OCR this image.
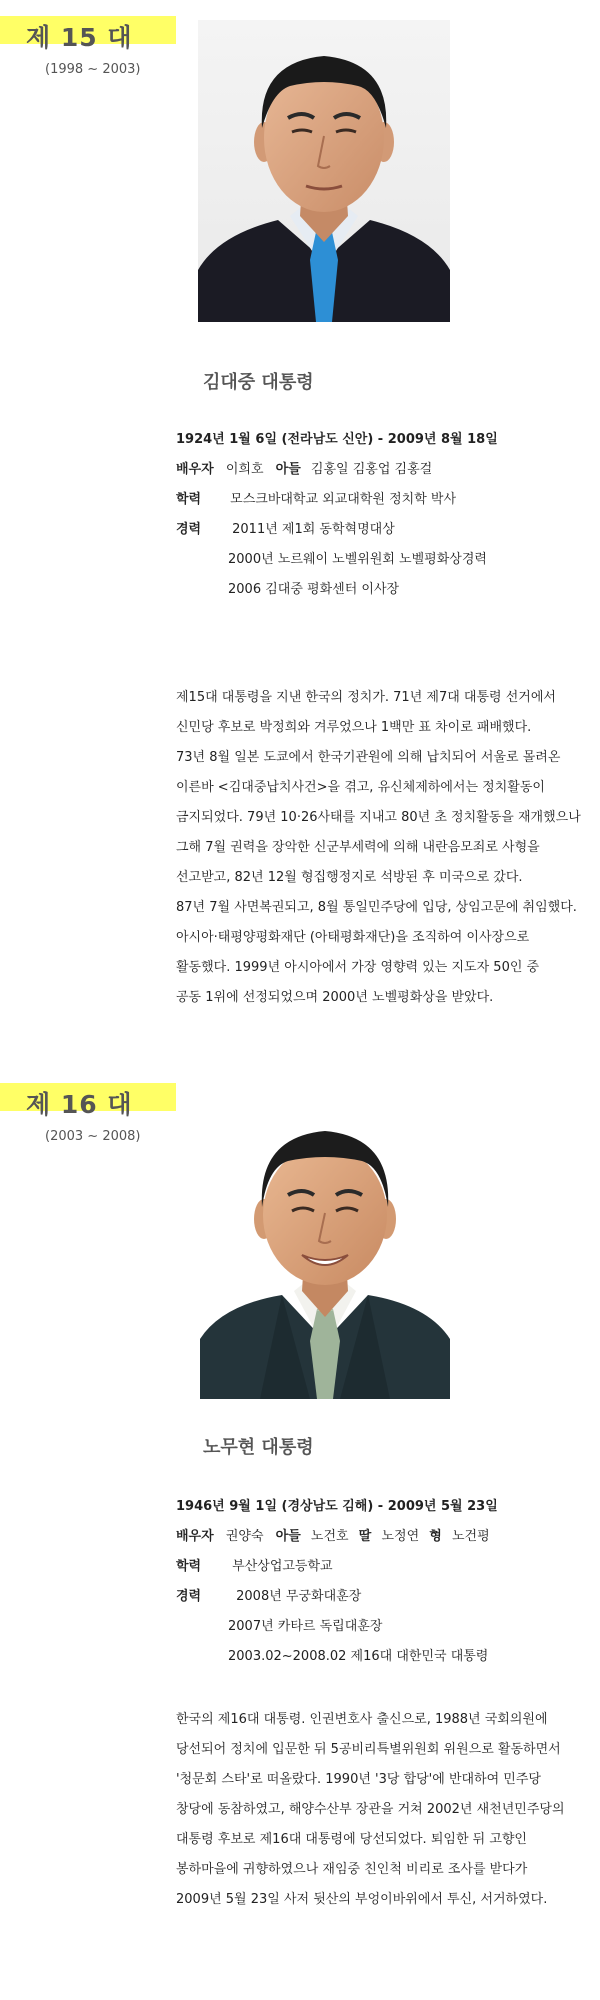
제 15 대
(1998 ~ 2003)
김대중 대통령
1924년 1월 6일 (전라남도 신안) - 2009년 8월 18일
배우자 이희호 아들 김홍일 김홍업 김홍걸
학력 모스크바대학교 외교대학원 정치학 박사
경력 2011년 제1회 동학혁명대상
2000년 노르웨이 노벨위원회 노벨평화상경력
2006 김대중 평화센터 이사장
제15대 대통령을 지낸 한국의 정치가. 71년 제7대 대통령 선거에서
신민당 후보로 박정희와 겨루었으나 1백만 표 차이로 패배했다.
73년 8월 일본 도쿄에서 한국기관원에 의해 납치되어 서울로 몰려온
이른바 <김대중납치사건>을 겪고, 유신체제하에서는 정치활동이
금지되었다. 79년 10·26사태를 지내고 80년 초 정치활동을 재개했으나
그해 7월 권력을 장악한 신군부세력에 의해 내란음모죄로 사형을
선고받고, 82년 12월 형집행정지로 석방된 후 미국으로 갔다.
87년 7월 사면복권되고, 8월 통일민주당에 입당, 상임고문에 취임했다.
아시아·태평양평화재단 (아태평화재단)을 조직하여 이사장으로
활동했다. 1999년 아시아에서 가장 영향력 있는 지도자 50인 중
공동 1위에 선정되었으며 2000년 노벨평화상을 받았다.
제 16 대
(2003 ~ 2008)
노무현 대통령
1946년 9월 1일 (경상남도 김해) - 2009년 5월 23일
배우자 권양숙 아들 노건호 딸 노정연 형 노건평
학력 부산상업고등학교
경력	2008년 무궁화대훈장
2007년 카타르 독립대훈장
2003.02~2008.02 제16대 대한민국 대통령
한국의 제16대 대통령. 인권변호사 출신으로, 1988년 국회의원에
당선되어 정치에 입문한 뒤 5공비리특별위원회 위원으로 활동하면서
'청문회 스타'로 떠올랐다. 1990년 '3당 합당'에 반대하여 민주당
창당에 동참하였고, 해양수산부 장관을 거쳐 2002년 새천년민주당의
대통령 후보로 제16대 대통령에 당선되었다. 퇴임한 뒤 고향인
봉하마을에 귀향하였으나 재임중 친인척 비리로 조사를 받다가
2009년 5월 23일 사저 뒷산의 부엉이바위에서 투신, 서거하였다.
